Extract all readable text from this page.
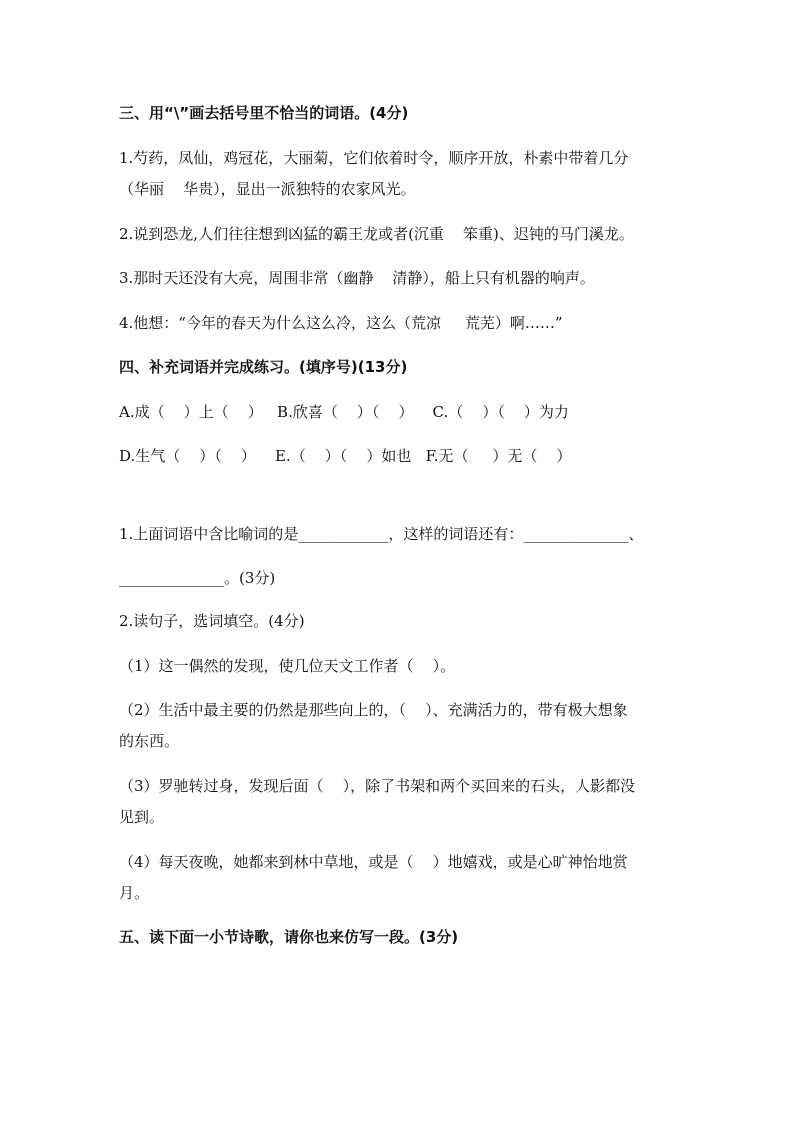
三、用“\”画去括号里不恰当的词语。(4分)
1.芍药，凤仙，鸡冠花，大丽菊，它们依着时令，顺序开放，朴素中带着几分
（华丽    华贵），显出一派独特的农家风光。
2.说到恐龙,人们往往想到凶猛的霸王龙或者(沉重    笨重)、迟钝的马门溪龙。
3.那时天还没有大亮，周围非常（幽静    清静），船上只有机器的响声。
4.他想：“今年的春天为什么这么冷，这么（荒凉     荒芜）啊……”
四、补充词语并完成练习。(填序号)(13分)
A.成（    ）上（    ）   B.欣喜（    ）（    ）    C.（    ）（    ）为力
D.生气（    ）（    ）    E.（    ）（    ）如也   F.无（     ）无（    ）
1.上面词语中含比喻词的是____________，这样的词语还有：______________、
______________。(3分)
2.读句子，选词填空。(4分)
（1）这一偶然的发现，使几位天文工作者（    ）。
（2）生活中最主要的仍然是那些向上的，（    ）、充满活力的，带有极大想象
的东西。
（3）罗驰转过身，发现后面（    ），除了书架和两个买回来的石头，人影都没
见到。
（4）每天夜晚，她都来到林中草地，或是（    ）地嬉戏，或是心旷神怡地赏
月。
五、读下面一小节诗歌，请你也来仿写一段。(3分)
